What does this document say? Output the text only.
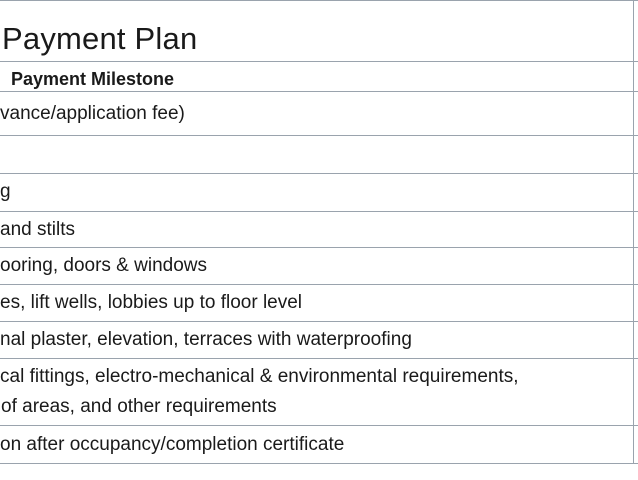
Payment Plan
Payment Milestone
vance/application fee)
g
and stilts
ooring, doors & windows
es, lift wells, lobbies up to floor level
nal plaster, elevation, terraces with waterproofing
cal fittings, electro-mechanical & environmental requirements,
of areas, and other requirements
on after occupancy/completion certificate
